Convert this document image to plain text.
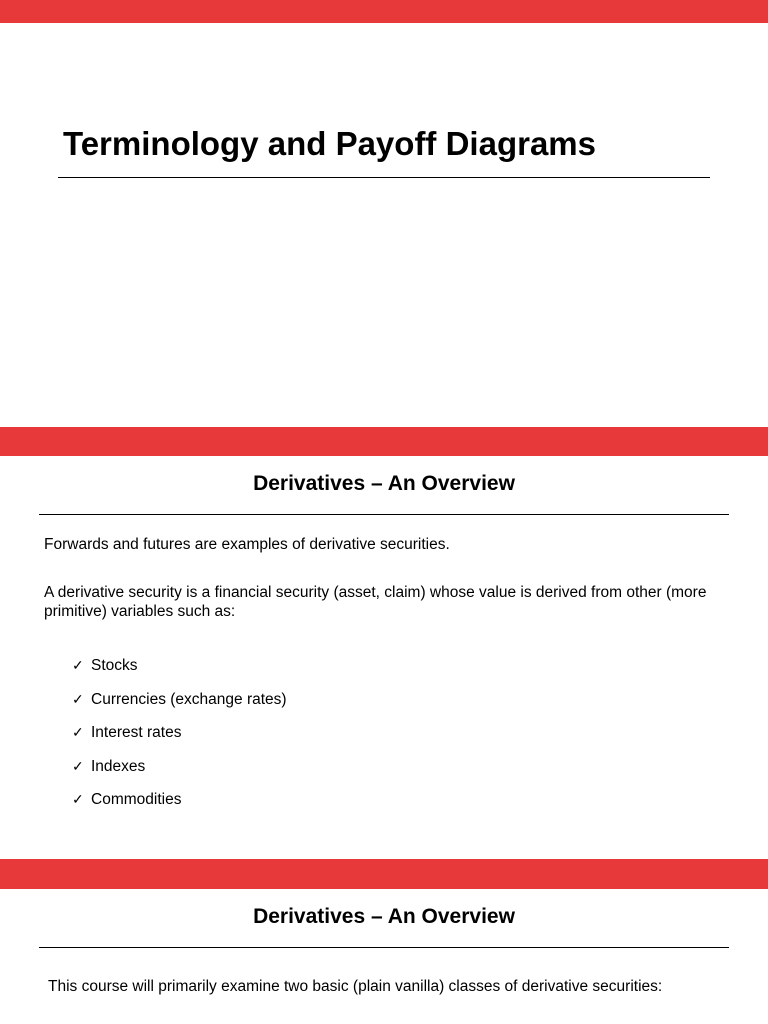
Terminology and Payoff Diagrams
Derivatives – An Overview

Forwards and futures are examples of derivative securities.

A derivative security is a financial security (asset, claim) whose value is derived from other (more primitive) variables such as:

✓ Stocks
✓ Currencies (exchange rates)
✓ Interest rates
✓ Indexes
✓ Commodities
Derivatives – An Overview

This course will primarily examine two basic (plain vanilla) classes of derivative securities:
